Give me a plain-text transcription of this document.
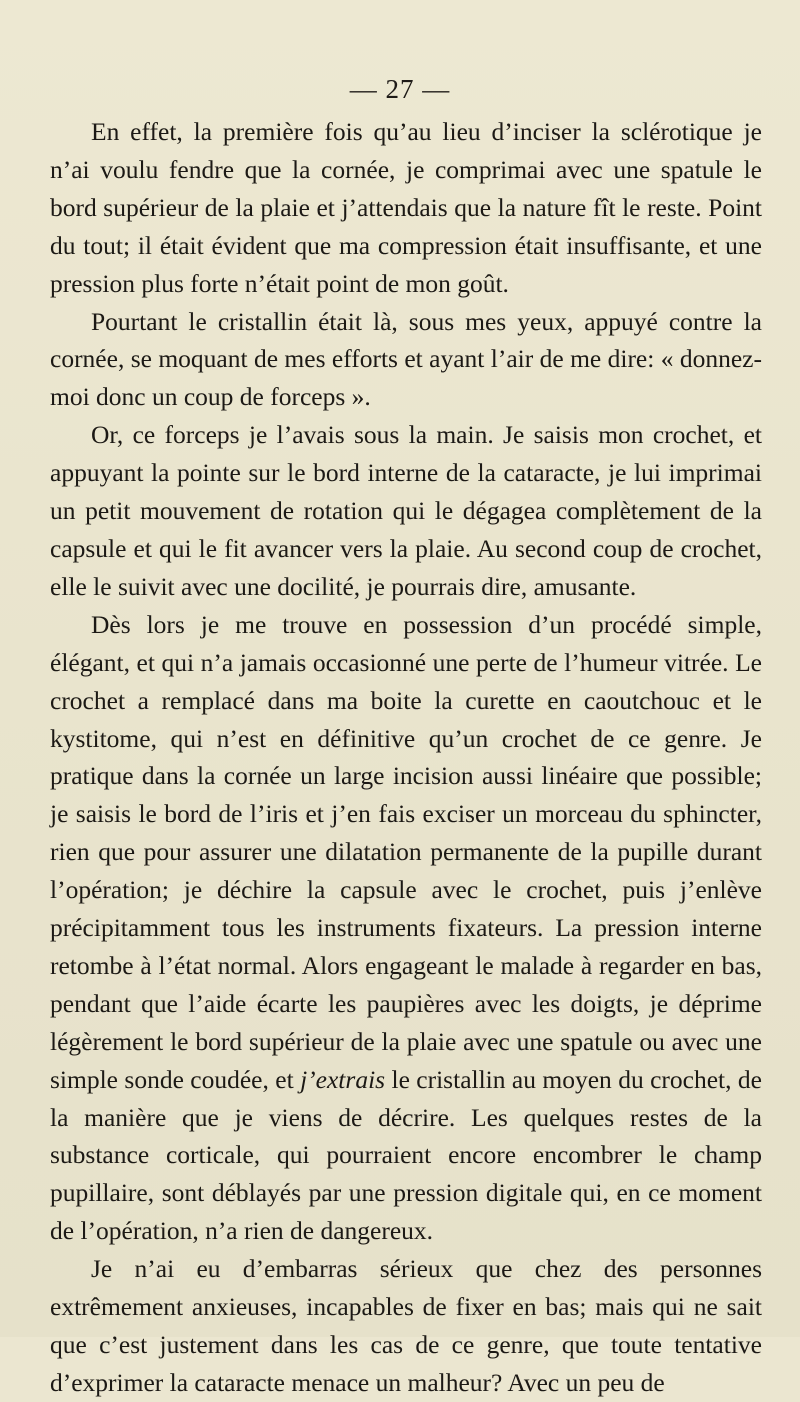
— 27 —

En effet, la première fois qu’au lieu d’inciser la sclérotique je n’ai voulu fendre que la cornée, je comprimai avec une spatule le bord supérieur de la plaie et j’attendais que la nature fît le reste. Point du tout; il était évident que ma compression était insuffisante, et une pression plus forte n’était point de mon goût.

Pourtant le cristallin était là, sous mes yeux, appuyé contre la cornée, se moquant de mes efforts et ayant l’air de me dire: « donnez-moi donc un coup de forceps ».

Or, ce forceps je l’avais sous la main. Je saisis mon crochet, et appuyant la pointe sur le bord interne de la cataracte, je lui imprimai un petit mouvement de rotation qui le dégagea complètement de la capsule et qui le fit avancer vers la plaie. Au second coup de crochet, elle le suivit avec une docilité, je pourrais dire, amusante.

Dès lors je me trouve en possession d’un procédé simple, élégant, et qui n’a jamais occasionné une perte de l’humeur vitrée. Le crochet a remplacé dans ma boite la curette en caoutchouc et le kystitome, qui n’est en définitive qu’un crochet de ce genre. Je pratique dans la cornée un large incision aussi linéaire que possible; je saisis le bord de l’iris et j’en fais exciser un morceau du sphincter, rien que pour assurer une dilatation permanente de la pupille durant l’opération; je déchire la capsule avec le crochet, puis j’enlève précipitamment tous les instruments fixateurs. La pression interne retombe à l’état normal. Alors engageant le malade à regarder en bas, pendant que l’aide écarte les paupières avec les doigts, je déprime légèrement le bord supérieur de la plaie avec une spatule ou avec une simple sonde coudée, et j’extrais le cristallin au moyen du crochet, de la manière que je viens de décrire. Les quelques restes de la substance corticale, qui pourraient encore encombrer le champ pupillaire, sont déblayés par une pression digitale qui, en ce moment de l’opération, n’a rien de dangereux.

Je n’ai eu d’embarras sérieux que chez des personnes extrêmement anxieuses, incapables de fixer en bas; mais qui ne sait que c’est justement dans les cas de ce genre, que toute tentative d’exprimer la cataracte menace un malheur? Avec un peu de
